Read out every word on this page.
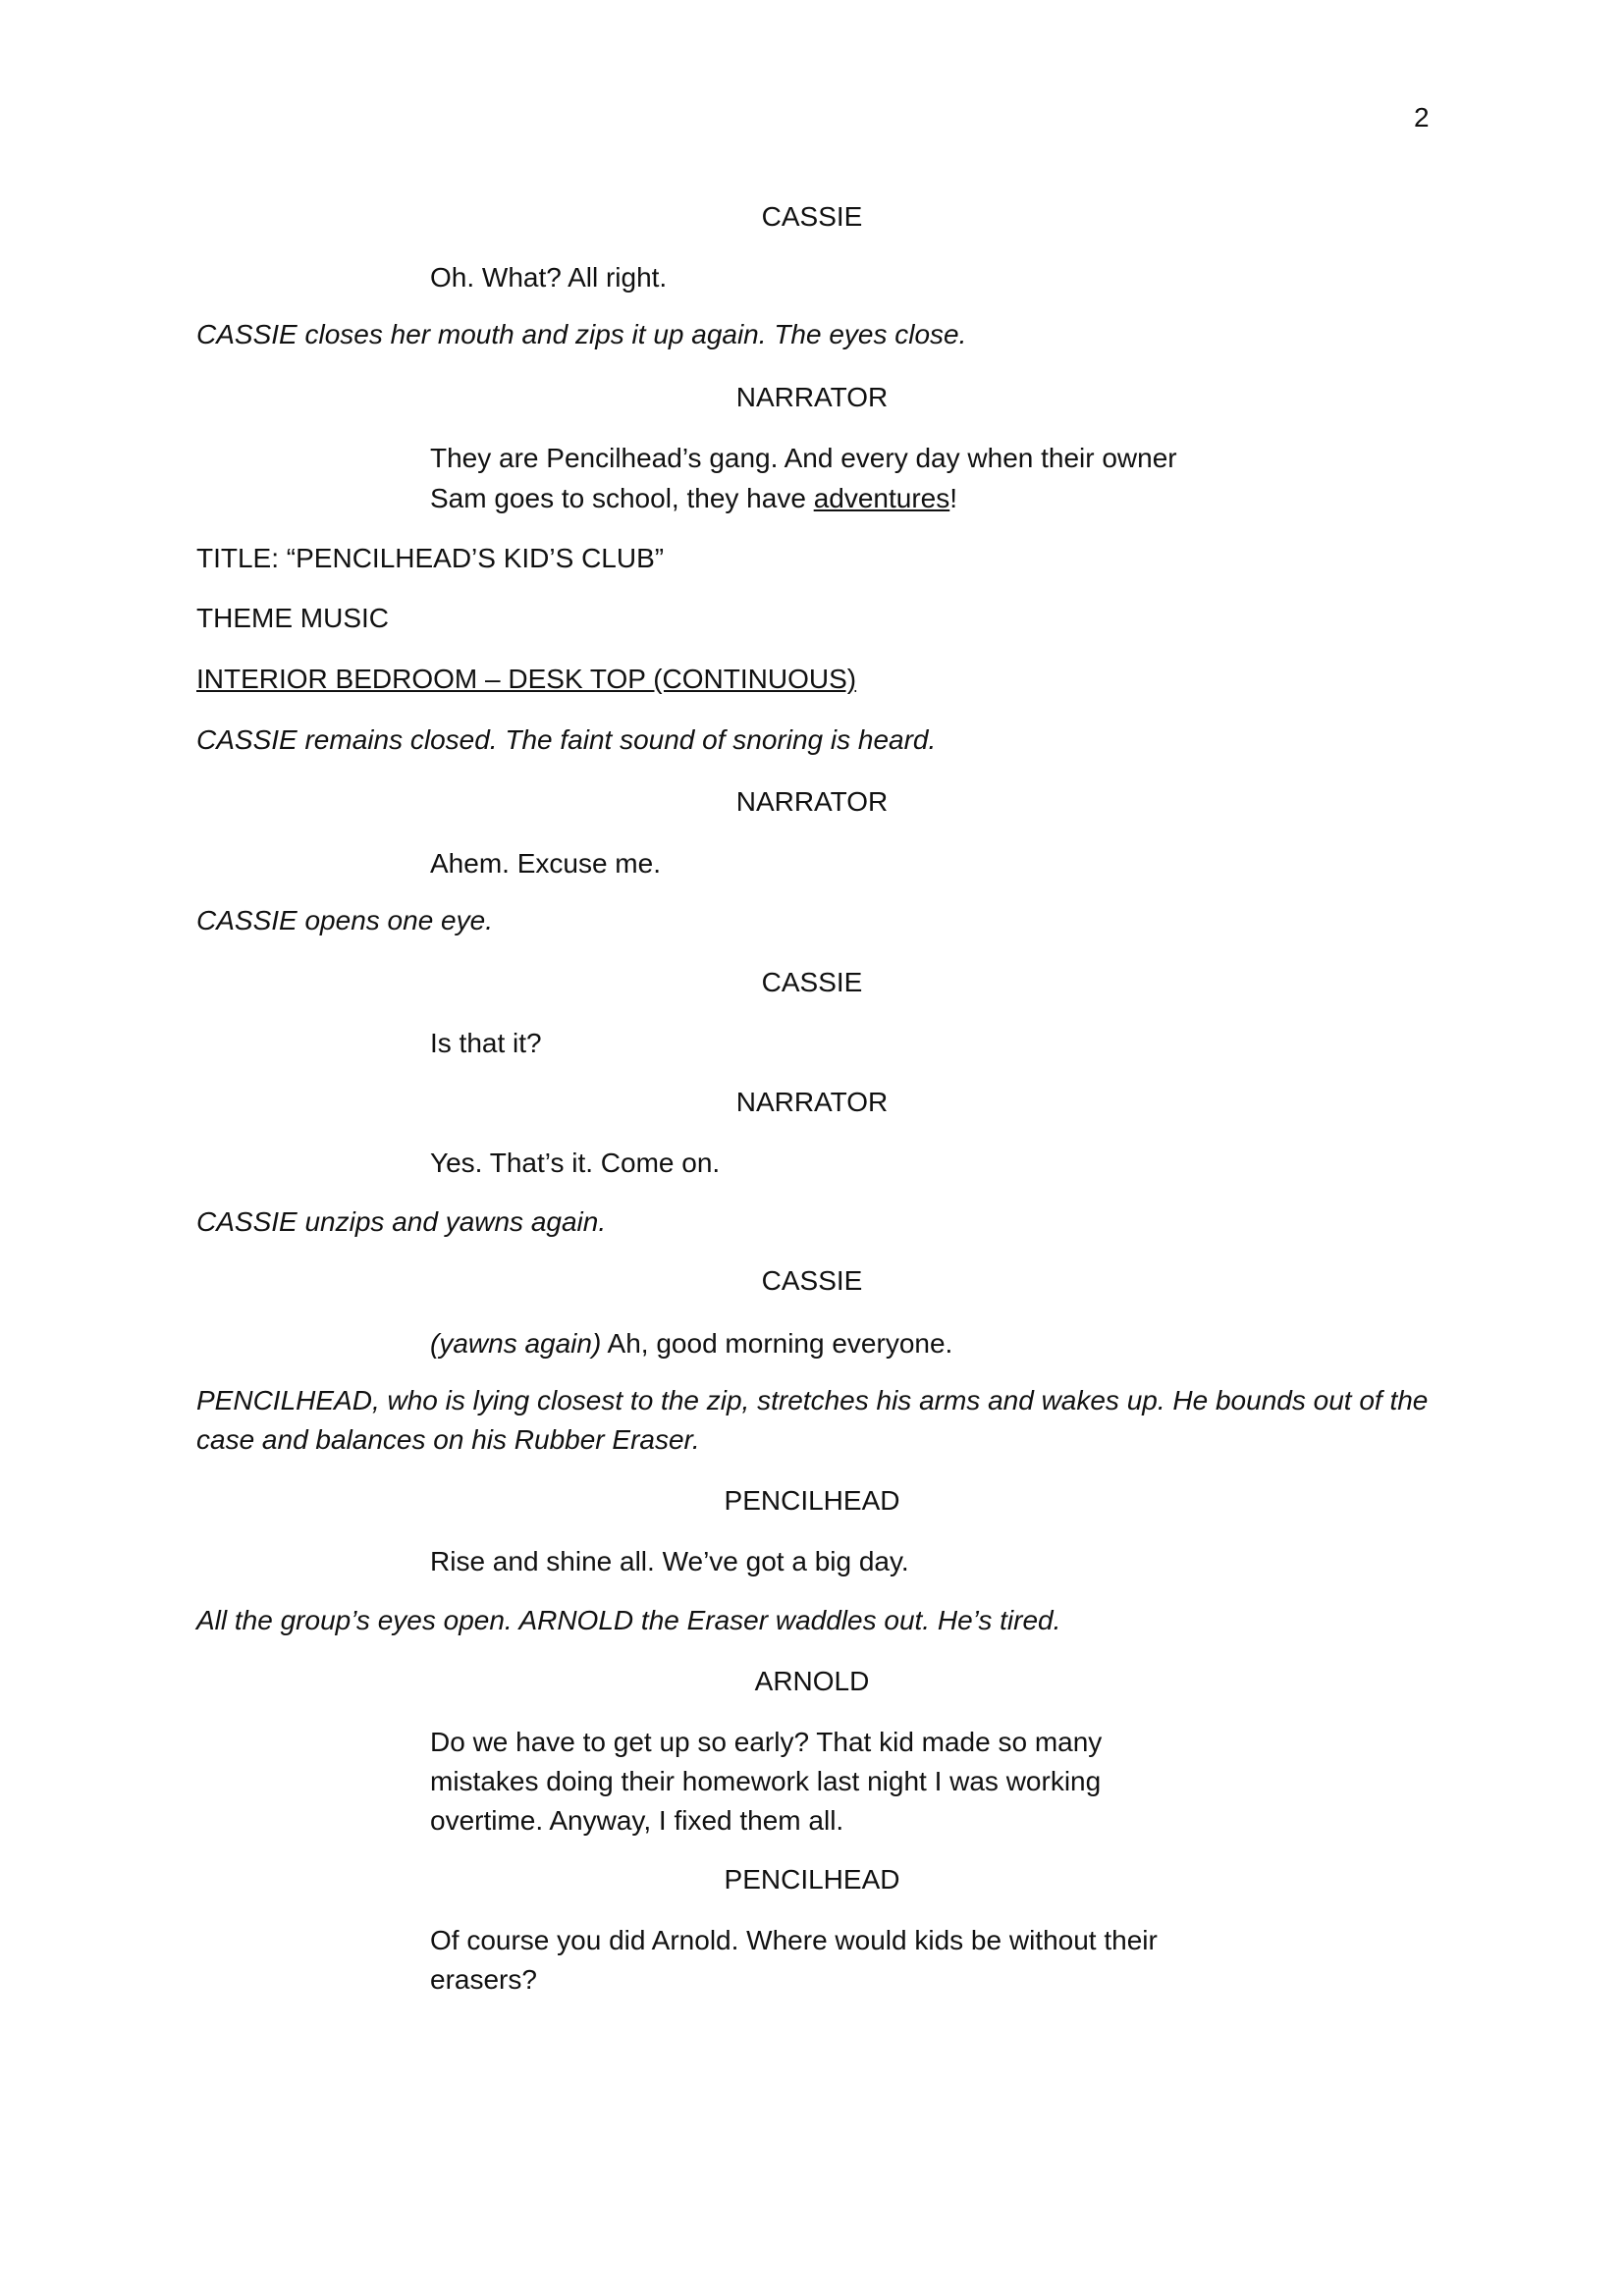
2

CASSIE

Oh. What? All right.

CASSIE closes her mouth and zips it up again. The eyes close.

NARRATOR

They are Pencilhead’s gang. And every day when their owner

Sam goes to school, they have adventures!

TITLE: “PENCILHEAD’S KID’S CLUB”

THEME MUSIC

INTERIOR BEDROOM – DESK TOP (CONTINUOUS)

CASSIE remains closed. The faint sound of snoring is heard.

NARRATOR

Ahem. Excuse me.

CASSIE opens one eye.

CASSIE

Is that it?

NARRATOR

Yes. That’s it. Come on.

CASSIE unzips and yawns again.

CASSIE

(yawns again) Ah, good morning everyone.

PENCILHEAD, who is lying closest to the zip, stretches his arms and wakes up. He bounds out of the

case and balances on his Rubber Eraser.

PENCILHEAD

Rise and shine all. We’ve got a big day.

All the group’s eyes open. ARNOLD the Eraser waddles out. He’s tired.

ARNOLD

Do we have to get up so early? That kid made so many

mistakes doing their homework last night I was working

overtime. Anyway, I fixed them all.

PENCILHEAD

Of course you did Arnold. Where would kids be without their

erasers?
